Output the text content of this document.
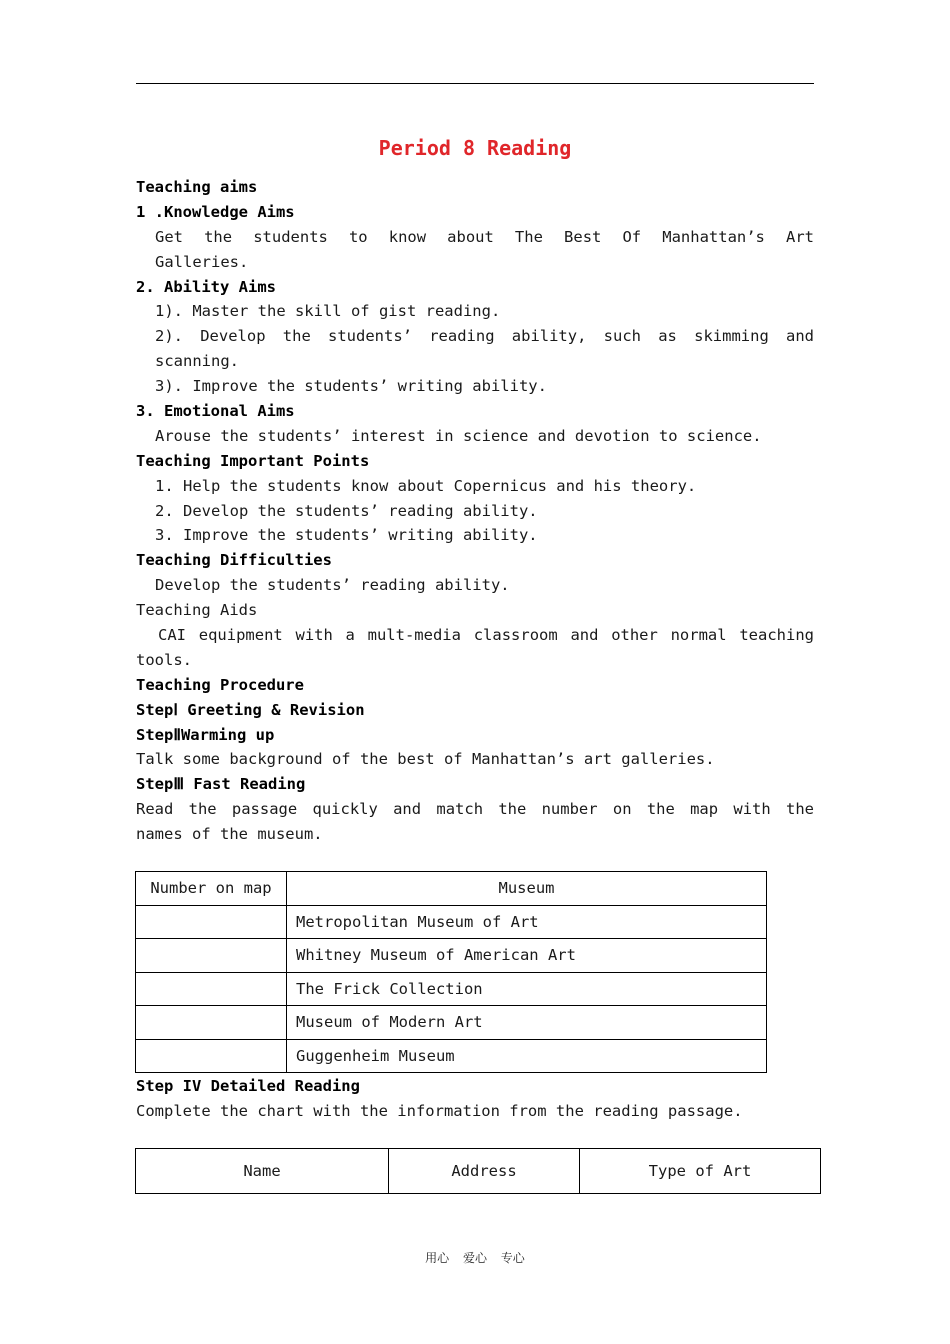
Period 8 Reading
Teaching aims
1 .Knowledge Aims
Get the students to know about The Best Of Manhattan’s Art
Galleries.
2. Ability Aims
1). Master the skill of gist reading.
2). Develop the students’ reading ability, such as skimming and
scanning.
3). Improve the students’ writing ability.
3. Emotional Aims
Arouse the students’ interest in science and devotion to science.
Teaching Important Points
1. Help the students know about Copernicus and his theory.
2. Develop the students’ reading ability.
3. Improve the students’ writing ability.
Teaching Difficulties
Develop the students’ reading ability.
Teaching Aids
CAI equipment with a mult-media classroom and other normal teaching
tools.
Teaching Procedure
StepⅠ Greeting & Revision
StepⅡWarming up
Talk some background of the best of Manhattan’s art galleries.
StepⅢ Fast Reading
Read the passage quickly and match the number on the map with the
names of the museum.
Number on map	Museum
	Metropolitan Museum of Art
	Whitney Museum of American Art
	The Frick Collection
	Museum of Modern Art
	Guggenheim Museum
Step IV Detailed Reading
Complete the chart with the information from the reading passage.
Name	Address	Type of Art
用心 爱心 专心
